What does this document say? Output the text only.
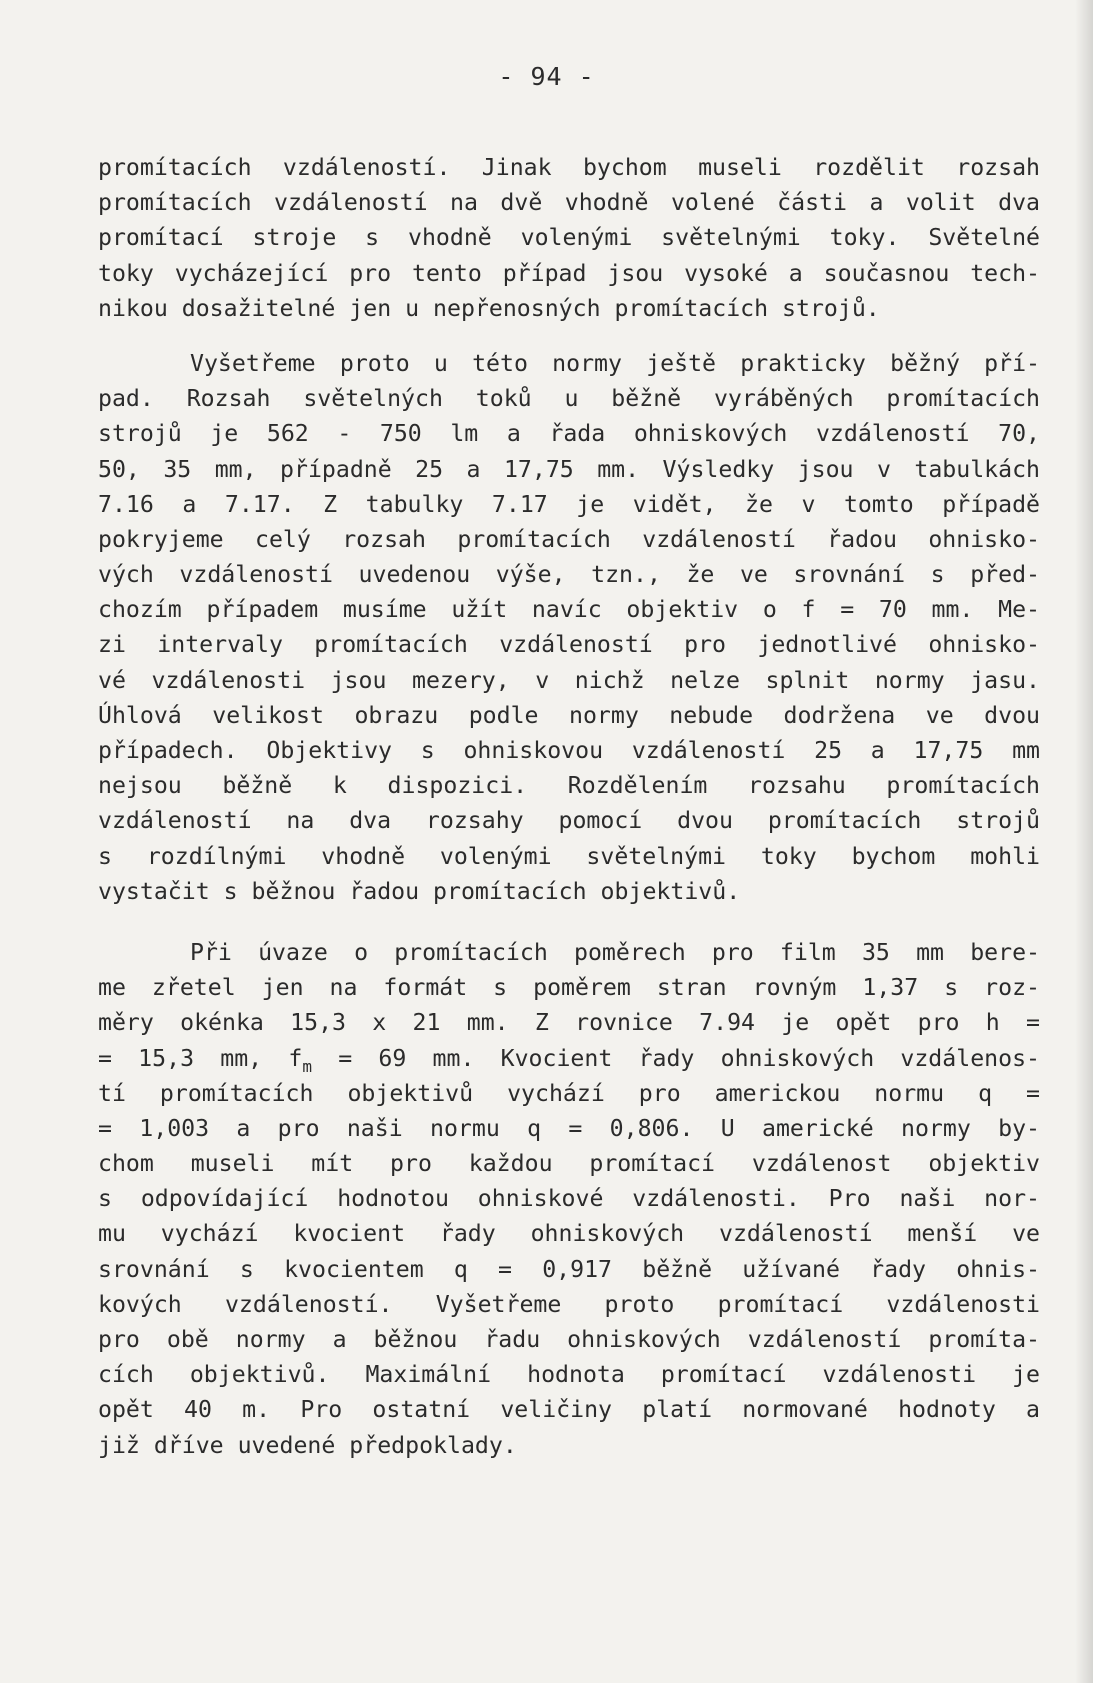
- 94 -
promítacích vzdáleností. Jinak bychom museli rozdělit rozsah
promítacích vzdáleností na dvě vhodně volené části a volit dva
promítací stroje s vhodně volenými světelnými toky. Světelné
toky vycházející pro tento případ jsou vysoké a současnou tech-
nikou dosažitelné jen u nepřenosných promítacích strojů.
Vyšetřeme proto u této normy ještě prakticky běžný pří-
pad. Rozsah světelných toků u běžně vyráběných promítacích
strojů je 562 - 750 lm a řada ohniskových vzdáleností 70,
50, 35 mm, případně 25 a 17,75 mm. Výsledky jsou v tabulkách
7.16 a 7.17. Z tabulky 7.17 je vidět, že v tomto případě
pokryjeme celý rozsah promítacích vzdáleností řadou ohnisko-
vých vzdáleností uvedenou výše, tzn., že ve srovnání s před-
chozím případem musíme užít navíc objektiv o f = 70 mm. Me-
zi intervaly promítacích vzdáleností pro jednotlivé ohnisko-
vé vzdálenosti jsou mezery, v nichž nelze splnit normy jasu.
Úhlová velikost obrazu podle normy nebude dodržena ve dvou
případech. Objektivy s ohniskovou vzdáleností 25 a 17,75 mm
nejsou běžně k dispozici. Rozdělením rozsahu promítacích
vzdáleností na dva rozsahy pomocí dvou promítacích strojů
s rozdílnými vhodně volenými světelnými toky bychom mohli
vystačit s běžnou řadou promítacích objektivů.
Při úvaze o promítacích poměrech pro film 35 mm bere-
me zřetel jen na formát s poměrem stran rovným 1,37 s roz-
měry okénka 15,3 x 21 mm. Z rovnice 7.94 je opět pro h =
= 15,3 mm, $f_m = 69$ mm. Kvocient řady ohniskových vzdálenos-
tí promítacích objektivů vychází pro americkou normu q =
= 1,003 a pro naši normu q = 0,806. U americké normy by-
chom museli mít pro každou promítací vzdálenost objektiv
s odpovídající hodnotou ohniskové vzdálenosti. Pro naši nor-
mu vychází kvocient řady ohniskových vzdáleností menší ve
srovnání s kvocientem q = 0,917 běžně užívané řady ohnis-
kových vzdáleností. Vyšetřeme proto promítací vzdálenosti
pro obě normy a běžnou řadu ohniskových vzdáleností promíta-
cích objektivů. Maximální hodnota promítací vzdálenosti je
opět 40 m. Pro ostatní veličiny platí normované hodnoty a
již dříve uvedené předpoklady.
